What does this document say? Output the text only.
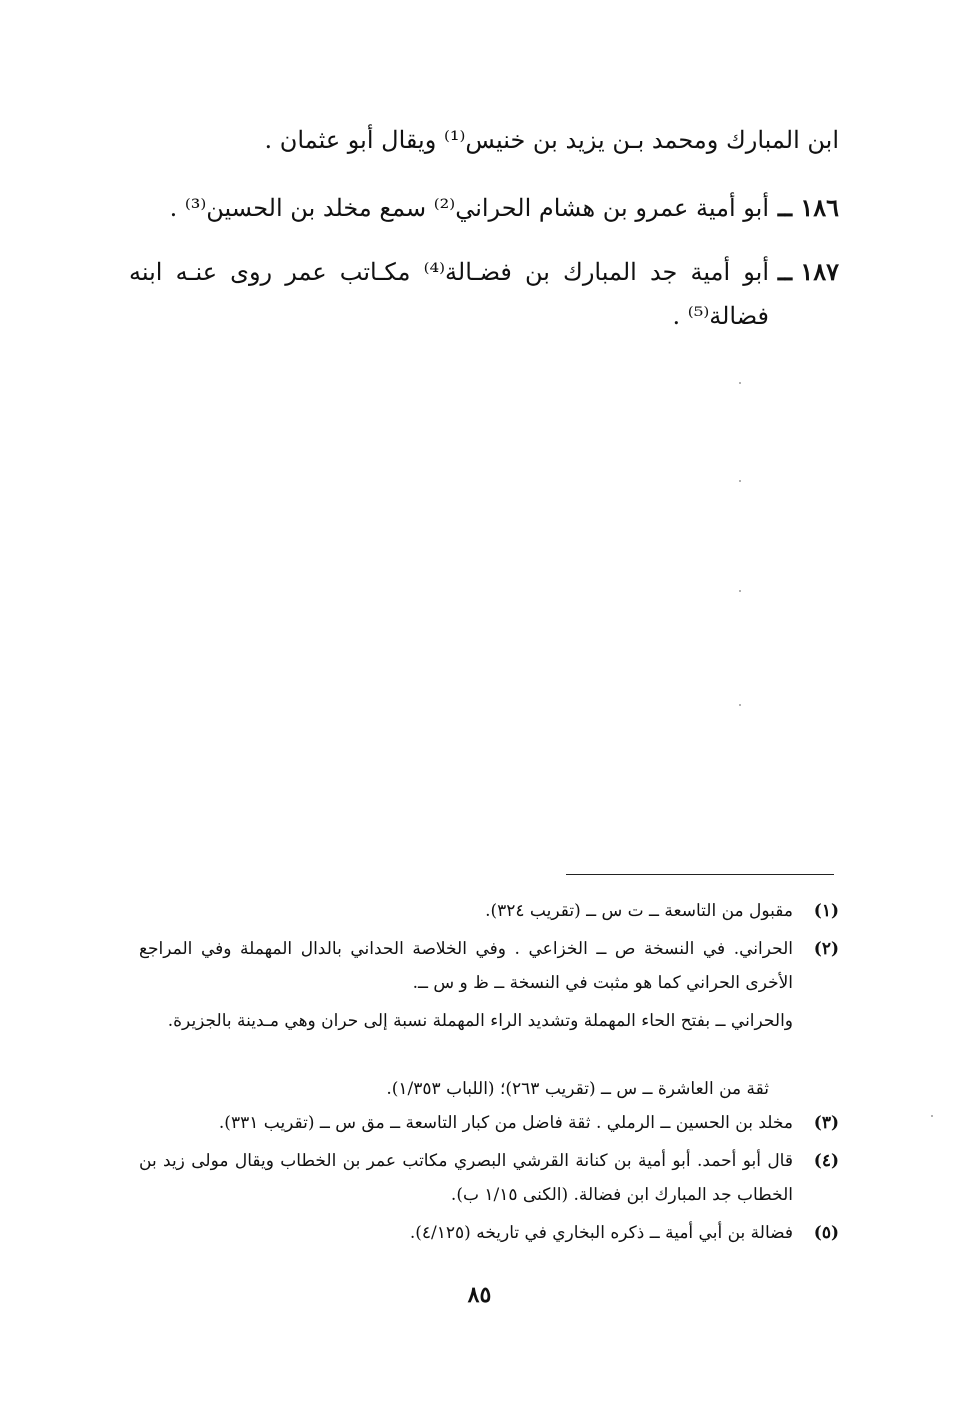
ابن المبارك ومحمد بـن يزيد بن خنيس⁽¹⁾ ويقال أبو عثمان .
١٨٦ ــ
أبو أمية عمرو بن هشام الحراني⁽²⁾ سمع مخلد بن الحسين⁽³⁾ .
١٨٧ ــ
أبو أمية جد المبارك بن فضـالة⁽⁴⁾ مكـاتب عمر روى عنـه ابنه فضالة⁽⁵⁾ .
(١)
مقبول من التاسعة ــ ت س ــ (تقريب ٣٢٤).
(٢)
الحراني. في النسخة ص ــ الخزاعي . وفي الخلاصة الحداني بالدال المهملة وفي المراجع الأخرى الحراني كما هو مثبت في النسخة ــ ظ و س ــ.
والحراني ــ بفتح الحاء المهملة وتشديد الراء المهملة نسبة إلى حران وهي مـدينة بالجزيرة.
ثقة من العاشرة ــ س ــ (تقريب ٢٦٣)؛ (اللباب ١/٣٥٣).
(٣)
مخلد بن الحسين ــ الرملي . ثقة فاضل من كبار التاسعة ــ مق س ــ (تقريب ٣٣١).
(٤)
قال أبو أحمد. أبو أمية بن كنانة القرشي البصري مكاتب عمر بن الخطاب ويقال مولى زيد بن الخطاب جد المبارك ابن فضالة. (الكنى ١/١٥ ب).
(٥)
فضالة بن أبي أمية ــ ذكره البخاري في تاريخه (٤/١٢٥).
٨٥
